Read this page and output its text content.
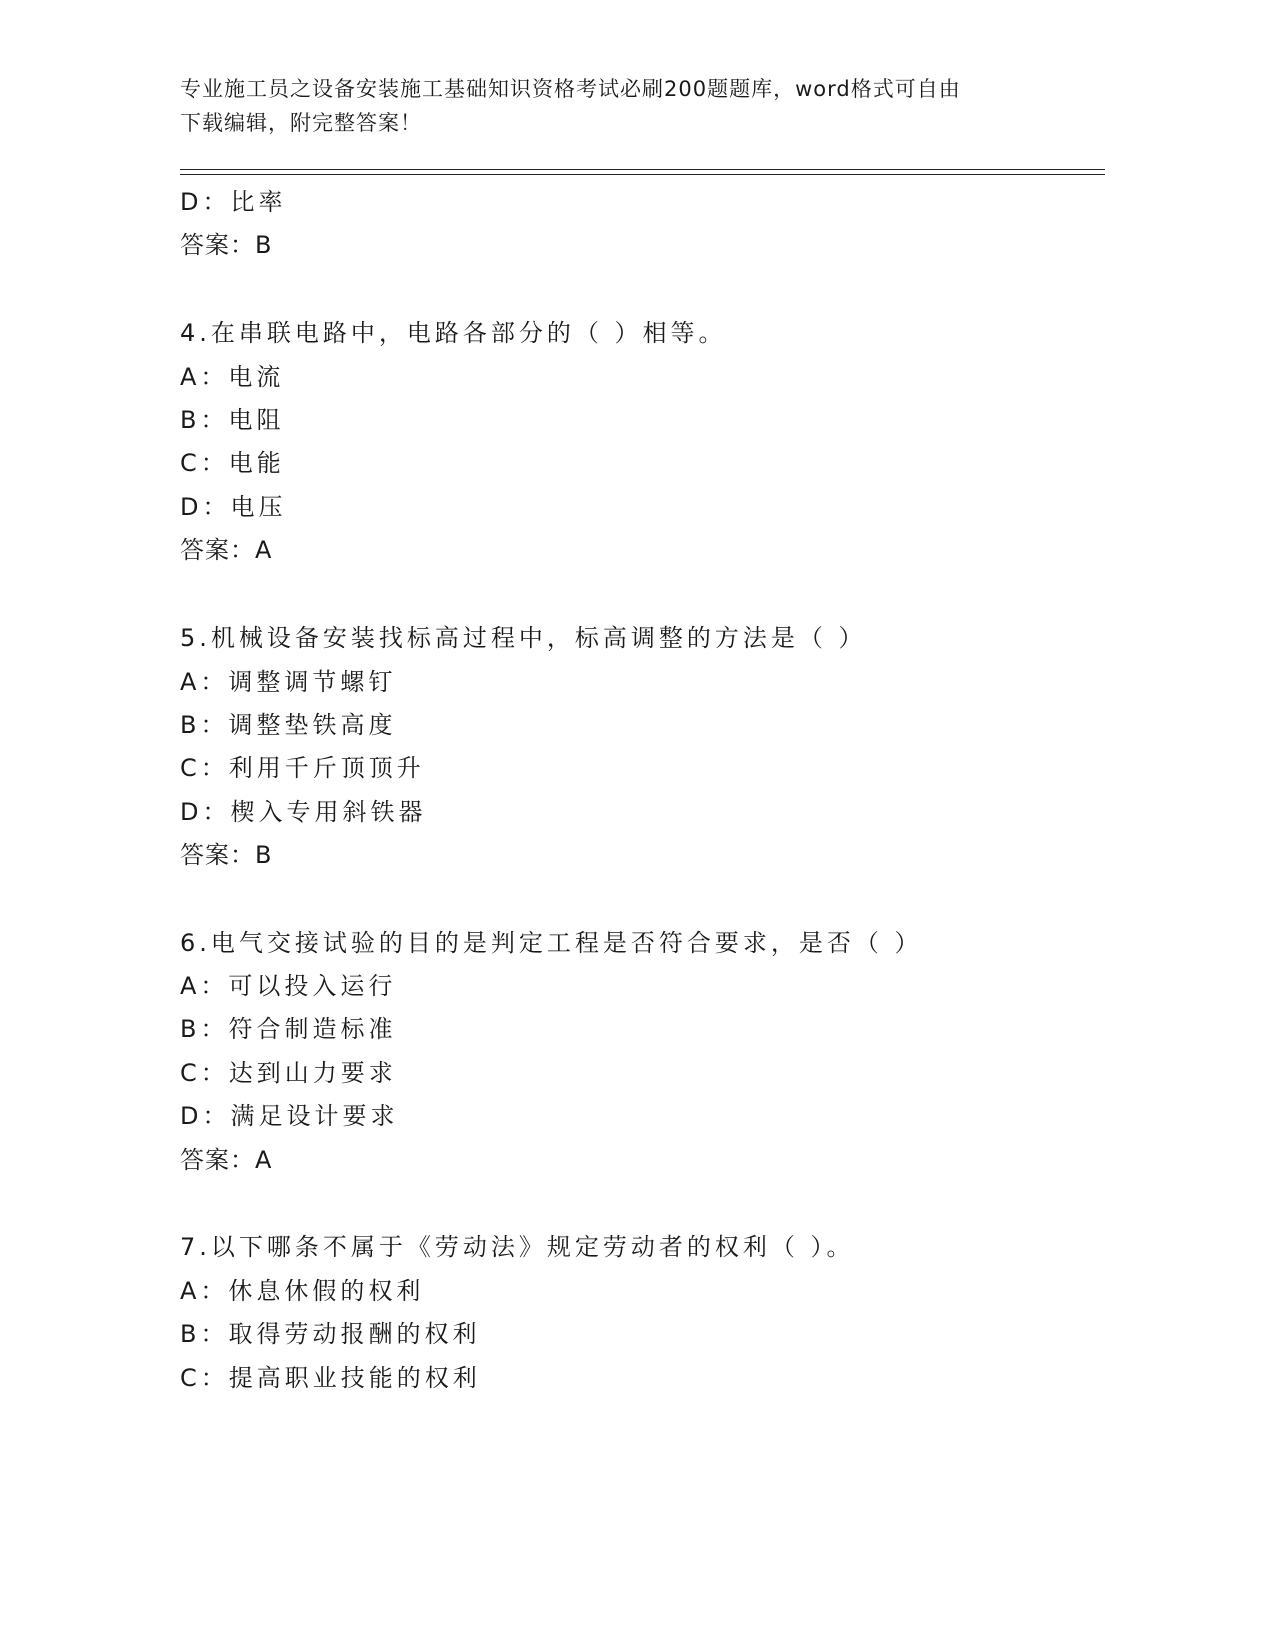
专业施工员之设备安装施工基础知识资格考试必刷200题题库，word格式可自由
下载编辑，附完整答案！
D：比率
答案：B
4.在串联电路中，电路各部分的（ ）相等。
A：电流
B：电阻
C：电能
D：电压
答案：A
5.机械设备安装找标高过程中，标高调整的方法是（ ）
A：调整调节螺钉
B：调整垫铁高度
C：利用千斤顶顶升
D：楔入专用斜铁器
答案：B
6.电气交接试验的目的是判定工程是否符合要求，是否（ ）
A：可以投入运行
B：符合制造标准
C：达到山力要求
D：满足设计要求
答案：A
7.以下哪条不属于《劳动法》规定劳动者的权利（ ）。
A：休息休假的权利
B：取得劳动报酬的权利
C：提高职业技能的权利
